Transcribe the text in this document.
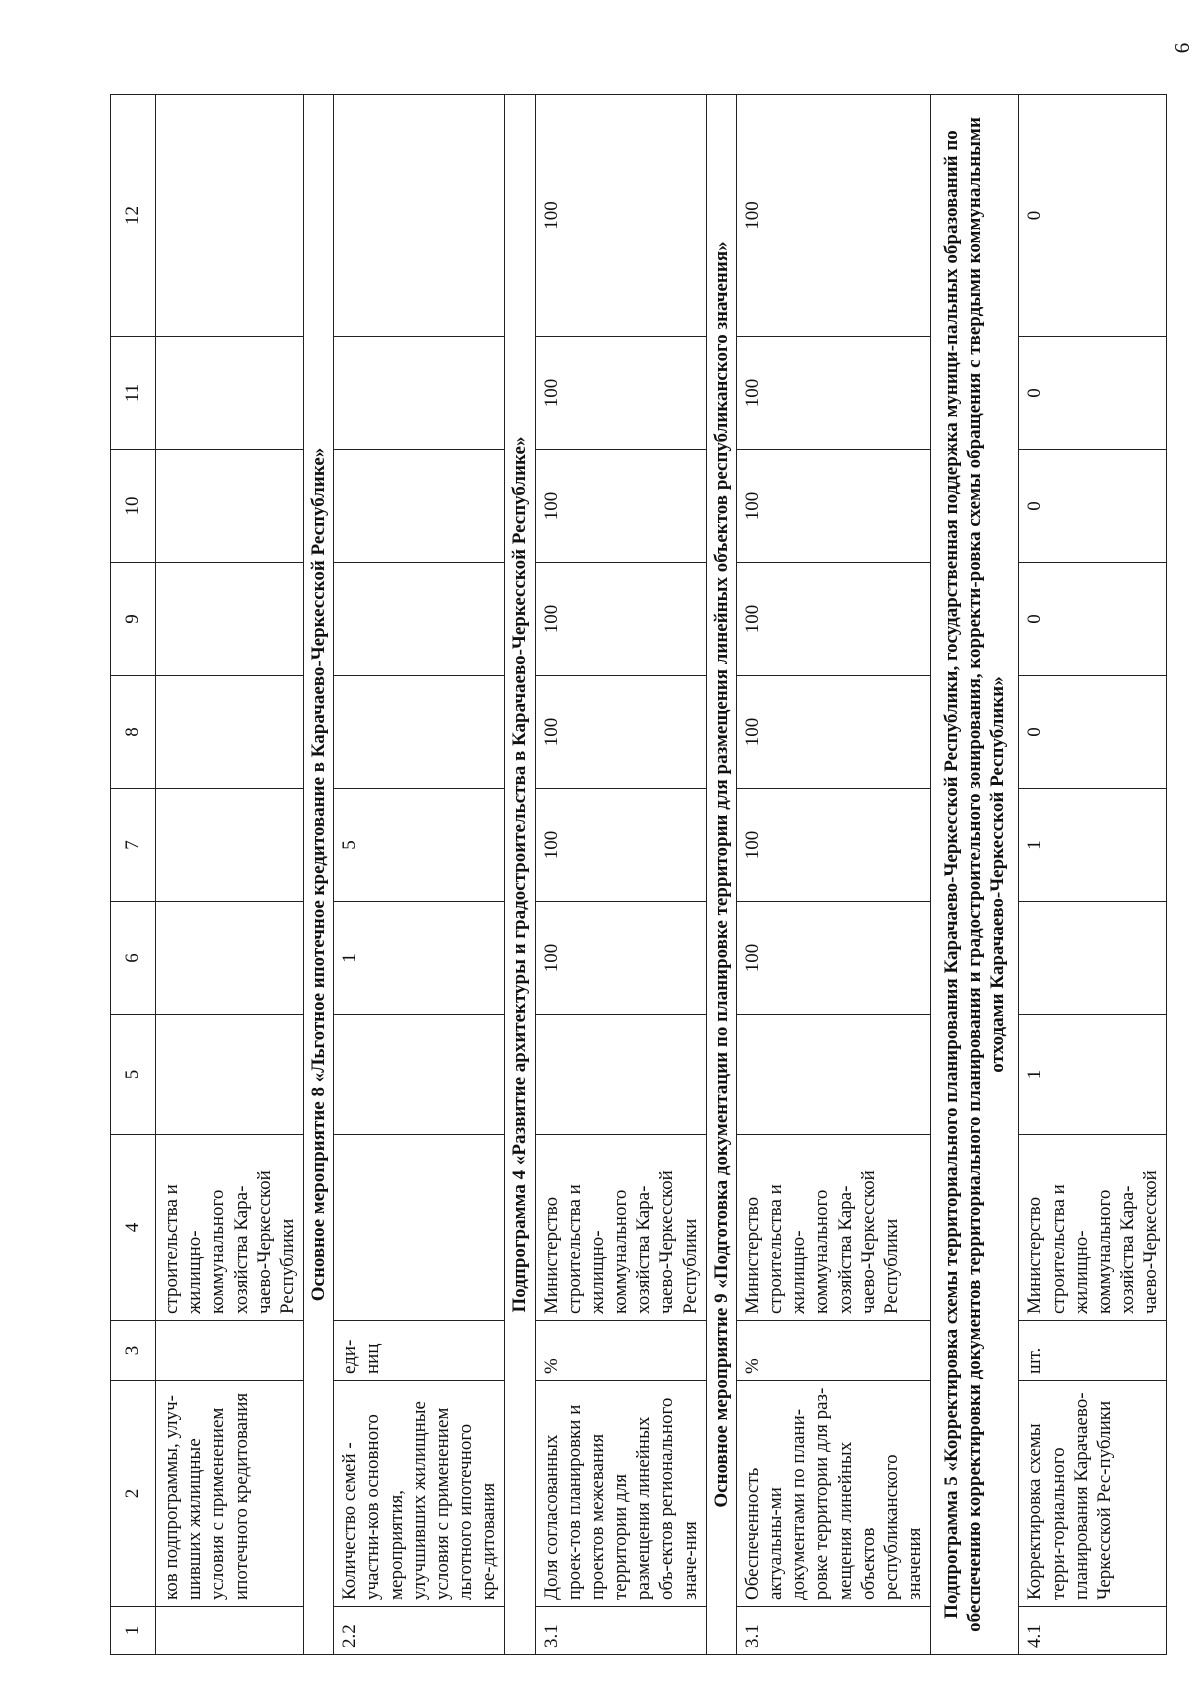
6
1	2	3	4	5	6	7	8	9	10	11	12
	ков подпрограммы, улуч-шивших жилищные условия с применением ипотечного кредитования		строительства и жилищно-коммунального хозяйства Кара-чаево-Черкесской Республики								
Основное мероприятие 8 «Льготное ипотечное кредитование в Карачаево-Черкесской Республике»											
2.2	Количество семей - участни-ков основного мероприятия, улучшивших жилищные условия с применением льготного ипотечного кре-дитования	еди-ниц			1	5					
Подпрограмма 4 «Развитие архитектуры и градостроительства в Карачаево-Черкесской Республике»											
3.1	Доля согласованных проек-тов планировки и проектов межевания территории для размещения линейных объ-ектов регионального значе-ния	%	Министерство строительства и жилищно-коммунального хозяйства Кара-чаево-Черкесской Республики		100	100	100	100	100	100	100
Основное мероприятие 9 «Подготовка документации по планировке территории для размещения линейных объектов республиканского значения»											
3.1	Обеспеченность актуальны-ми документами по плани-ровке территории для раз-мещения линейных объектов республиканского значения	%	Министерство строительства и жилищно-коммунального хозяйства Кара-чаево-Черкесской Республики		100	100	100	100	100	100	100
Подпрограмма 5 «Корректировка схемы территориального планирования Карачаево-Черкесской Республики, государственная поддержка муници-пальных образований по обеспечению корректировки документов территориального планирования и градостроительного зонирования, корректи-ровка схемы обращения с твердыми коммунальными отходами Карачаево-Черкесской Республики»											
4.1	Корректировка схемы терри-ториального планирования Карачаево-Черкесской Рес-публики	шт.	Министерство строительства и жилищно-коммунального хозяйства Кара-чаево-Черкесской	1		1	0	0	0	0	0
